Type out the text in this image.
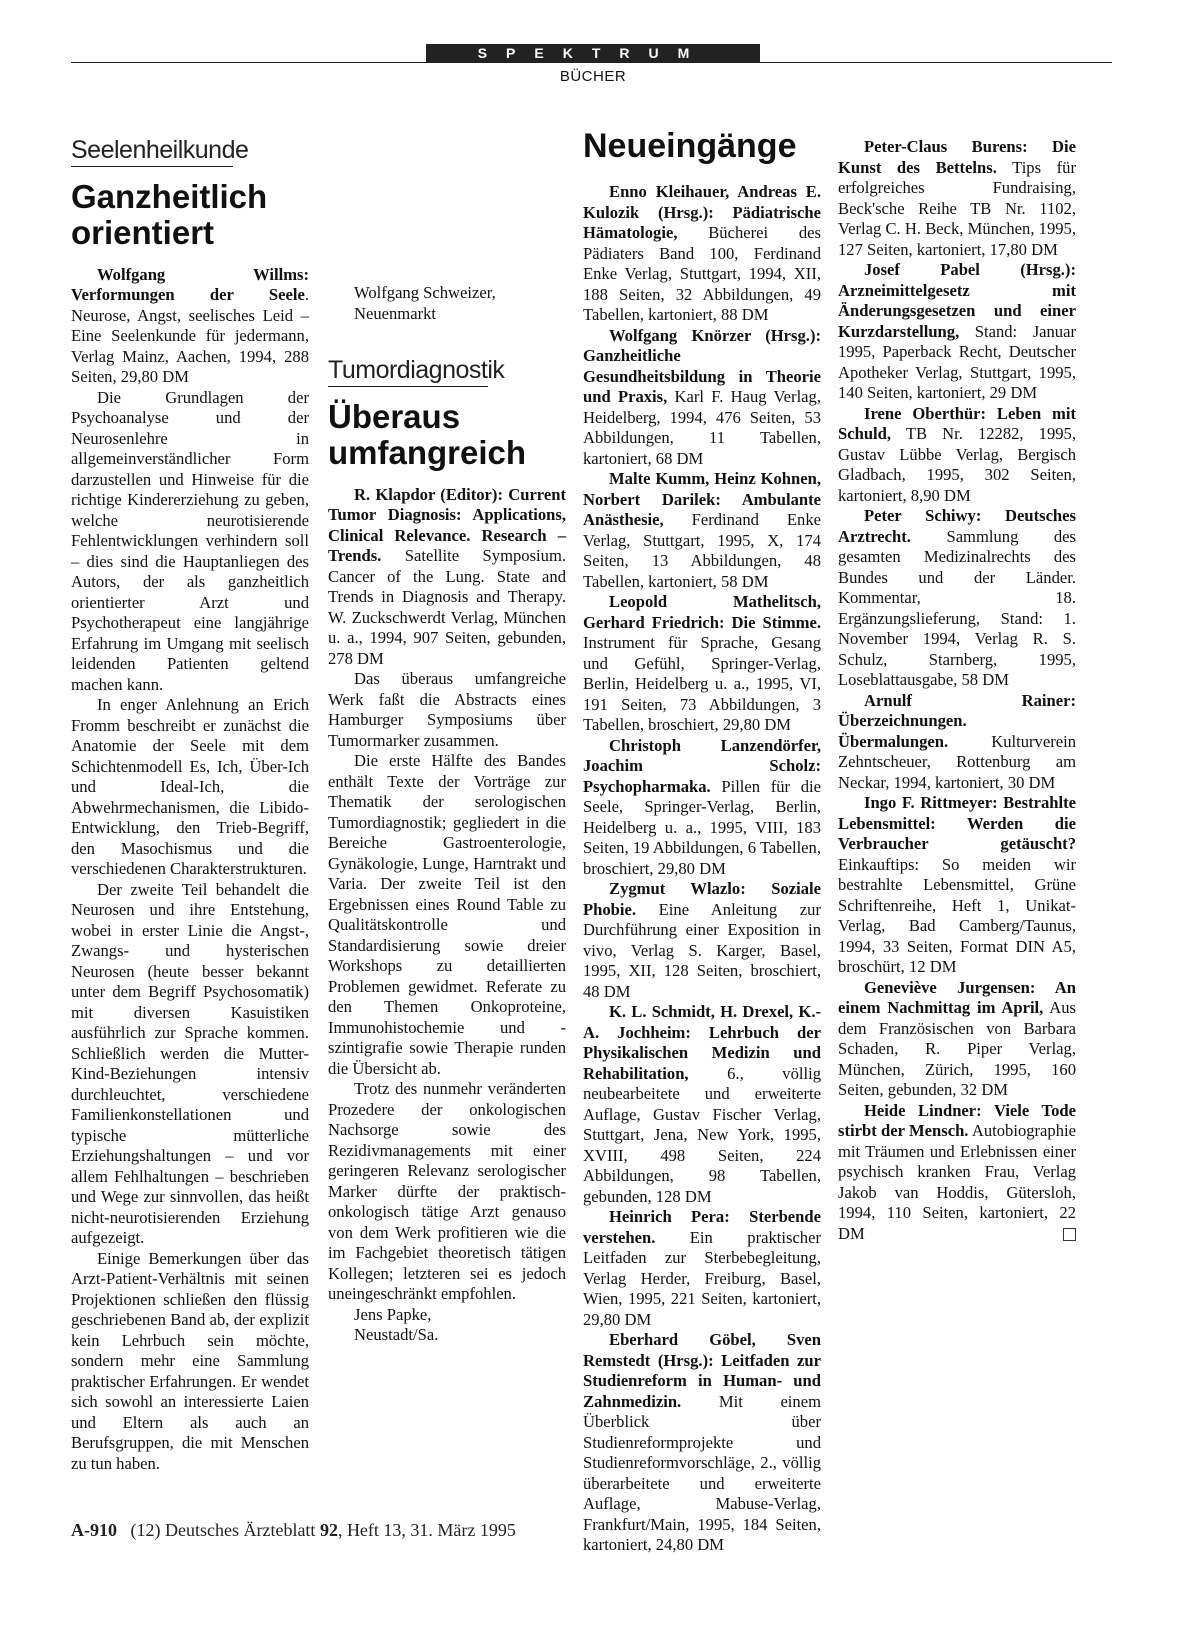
SPEKTRUM
BÜCHER
Seelenheilkunde
Ganzheitlich
orientiert

Wolfgang Willms: Verformungen der Seele. Neurose, Angst, seelisches Leid – Eine Seelenkunde für jedermann, Verlag Mainz, Aachen, 1994, 288 Seiten, 29,80 DM

Die Grundlagen der Psychoanalyse und der Neurosenlehre in allgemeinverständlicher Form darzustellen und Hinweise für die richtige Kindererziehung zu geben, welche neurotisierende Fehlentwicklungen verhindern soll – dies sind die Hauptanliegen des Autors, der als ganzheitlich orientierter Arzt und Psychotherapeut eine langjährige Erfahrung im Umgang mit seelisch leidenden Patienten geltend machen kann.

In enger Anlehnung an Erich Fromm beschreibt er zunächst die Anatomie der Seele mit dem Schichtenmodell Es, Ich, Über-Ich und Ideal-Ich, die Abwehrmechanismen, die Libido-Entwicklung, den Trieb-Begriff, den Masochismus und die verschiedenen Charakterstrukturen.

Der zweite Teil behandelt die Neurosen und ihre Entstehung, wobei in erster Linie die Angst-, Zwangs- und hysterischen Neurosen (heute besser bekannt unter dem Begriff Psychosomatik) mit diversen Kasuistiken ausführlich zur Sprache kommen. Schließlich werden die Mutter-Kind-Beziehungen intensiv durchleuchtet, verschiedene Familienkonstellationen und typische mütterliche Erziehungshaltungen – und vor allem Fehlhaltungen – beschrieben und Wege zur sinnvollen, das heißt nicht-neurotisierenden Erziehung aufgezeigt.

Einige Bemerkungen über das Arzt-Patient-Verhältnis mit seinen Projektionen schließen den flüssig geschriebenen Band ab, der explizit kein Lehrbuch sein möchte, sondern mehr eine Sammlung praktischer Erfahrungen. Er wendet sich sowohl an interessierte Laien und Eltern als auch an Berufsgruppen, die mit Menschen zu tun haben.

Tumordiagnostik
Überaus
umfangreich

R. Klapdor (Editor): Current Tumor Diagnosis: Applications, Clinical Relevance. Research – Trends. Satellite Symposium. Cancer of the Lung. State and Trends in Diagnosis and Therapy. W. Zuckschwerdt Verlag, München u. a., 1994, 907 Seiten, gebunden, 278 DM

Das überaus umfangreiche Werk faßt die Abstracts eines Hamburger Symposiums über Tumormarker zusammen.

Die erste Hälfte des Bandes enthält Texte der Vorträge zur Thematik der serologischen Tumordiagnostik; gegliedert in die Bereiche Gastroenterologie, Gynäkologie, Lunge, Harntrakt und Varia. Der zweite Teil ist den Ergebnissen eines Round Table zu Qualitätskontrolle und Standardisierung sowie dreier Workshops zu detaillierten Problemen gewidmet. Referate zu den Themen Onkoproteine, Immunohistochemie und -szintigrafie sowie Therapie runden die Übersicht ab.

Trotz des nunmehr veränderten Prozedere der onkologischen Nachsorge sowie des Rezidivmanagements mit einer geringeren Relevanz serologischer Marker dürfte der praktisch-onkologisch tätige Arzt genauso von dem Werk profitieren wie die im Fachgebiet theoretisch tätigen Kollegen; letzteren sei es jedoch uneingeschränkt empfohlen.

Jens Papke,

Neustadt/Sa.

Wolfgang Schweizer,

Neuenmarkt

Neueingänge

Enno Kleihauer, Andreas E. Kulozik (Hrsg.): Pädiatrische Hämatologie, Bücherei des Pädiaters Band 100, Ferdinand Enke Verlag, Stuttgart, 1994, XII, 188 Seiten, 32 Abbildungen, 49 Tabellen, kartoniert, 88 DM

Wolfgang Knörzer (Hrsg.): Ganzheitliche Gesundheitsbildung in Theorie und Praxis, Karl F. Haug Verlag, Heidelberg, 1994, 476 Seiten, 53 Abbildungen, 11 Tabellen, kartoniert, 68 DM

Malte Kumm, Heinz Kohnen, Norbert Darilek: Ambulante Anästhesie, Ferdinand Enke Verlag, Stuttgart, 1995, X, 174 Seiten, 13 Abbildungen, 48 Tabellen, kartoniert, 58 DM

Leopold Mathelitsch, Gerhard Friedrich: Die Stimme. Instrument für Sprache, Gesang und Gefühl, Springer-Verlag, Berlin, Heidelberg u. a., 1995, VI, 191 Seiten, 73 Abbildungen, 3 Tabellen, broschiert, 29,80 DM

Christoph Lanzendörfer, Joachim Scholz: Psychopharmaka. Pillen für die Seele, Springer-Verlag, Berlin, Heidelberg u. a., 1995, VIII, 183 Seiten, 19 Abbildungen, 6 Tabellen, broschiert, 29,80 DM

Zygmut Wlazlo: Soziale Phobie. Eine Anleitung zur Durchführung einer Exposition in vivo, Verlag S. Karger, Basel, 1995, XII, 128 Seiten, broschiert, 48 DM

K. L. Schmidt, H. Drexel, K.-A. Jochheim: Lehrbuch der Physikalischen Medizin und Rehabilitation, 6., völlig neubearbeitete und erweiterte Auflage, Gustav Fischer Verlag, Stuttgart, Jena, New York, 1995, XVIII, 498 Seiten, 224 Abbildungen, 98 Tabellen, gebunden, 128 DM

Heinrich Pera: Sterbende verstehen. Ein praktischer Leitfaden zur Sterbebegleitung, Verlag Herder, Freiburg, Basel, Wien, 1995, 221 Seiten, kartoniert, 29,80 DM

Eberhard Göbel, Sven Remstedt (Hrsg.): Leitfaden zur Studienreform in Human- und Zahnmedizin. Mit einem Überblick über Studienreformprojekte und Studienreformvorschläge, 2., völlig überarbeitete und erweiterte Auflage, Mabuse-Verlag, Frankfurt/Main, 1995, 184 Seiten, kartoniert, 24,80 DM

Peter-Claus Burens: Die Kunst des Bettelns. Tips für erfolgreiches Fundraising, Beck'sche Reihe TB Nr. 1102, Verlag C. H. Beck, München, 1995, 127 Seiten, kartoniert, 17,80 DM

Josef Pabel (Hrsg.): Arzneimittelgesetz mit Änderungsgesetzen und einer Kurzdarstellung, Stand: Januar 1995, Paperback Recht, Deutscher Apotheker Verlag, Stuttgart, 1995, 140 Seiten, kartoniert, 29 DM

Irene Oberthür: Leben mit Schuld, TB Nr. 12282, 1995, Gustav Lübbe Verlag, Bergisch Gladbach, 1995, 302 Seiten, kartoniert, 8,90 DM

Peter Schiwy: Deutsches Arztrecht. Sammlung des gesamten Medizinalrechts des Bundes und der Länder. Kommentar, 18. Ergänzungslieferung, Stand: 1. November 1994, Verlag R. S. Schulz, Starnberg, 1995, Loseblattausgabe, 58 DM

Arnulf Rainer: Überzeichnungen. Übermalungen. Kulturverein Zehntscheuer, Rottenburg am Neckar, 1994, kartoniert, 30 DM

Ingo F. Rittmeyer: Bestrahlte Lebensmittel: Werden die Verbraucher getäuscht? Einkauftips: So meiden wir bestrahlte Lebensmittel, Grüne Schriftenreihe, Heft 1, Unikat-Verlag, Bad Camberg/Taunus, 1994, 33 Seiten, Format DIN A5, broschürt, 12 DM

Geneviève Jurgensen: An einem Nachmittag im April, Aus dem Französischen von Barbara Schaden, R. Piper Verlag, München, Zürich, 1995, 160 Seiten, gebunden, 32 DM

Heide Lindner: Viele Tode stirbt der Mensch. Autobiographie mit Träumen und Erlebnissen einer psychisch kranken Frau, Verlag Jakob van Hoddis, Gütersloh, 1994, 110 Seiten, kartoniert, 22 DM

A-910 (12) Deutsches Ärzteblatt 92, Heft 13, 31. März 1995
